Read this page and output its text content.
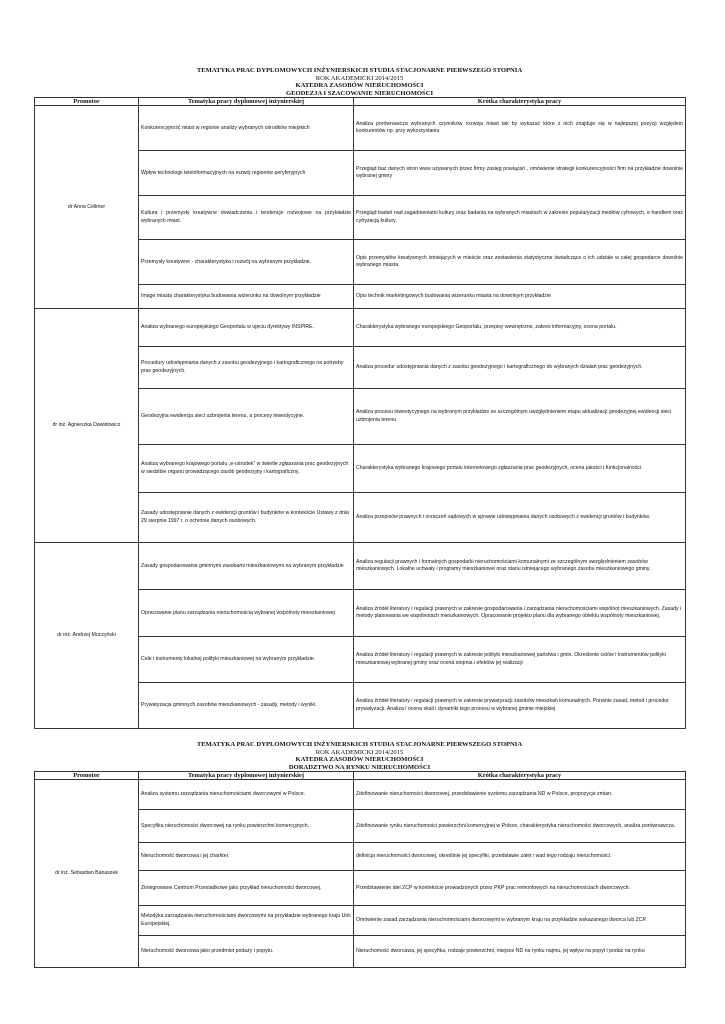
TEMATYKA PRAC DYPLOMOWYCH INŻYNIERSKICH STUDIA STACJONARNE PIERWSZEGO STOPNIA
ROK AKADEMICKI 2014/2015
KATEDRA ZASOBÓW NIERUCHOMOŚCI
GEODEZJA I SZACOWANIE NIERUCHOMOŚCI
Promotor	Tematyka pracy dyplomowej inżynierskiej	Krótka charakterystyka pracy
dr Anna Cellmer	Konkurencyjność miast w regionie analizy wybranych ośrodków miejskich	Analiza porównawcza wybranych czynników rozwoju miast tak by wykazać które z nich znajduje się w najlepszej pozycji względem konkurentów np. przy wykorzystaniu
	Wpływ technologii teleinformacyjnych na rozwój regionów peryferyjnych	Przegląd baz danych stron www używanych przez firmy zasięg powiązań , omówienie strategii konkurencyjności firm na przykładzie dowolnie wybranej gminy
	Kultura i przemysły kreatywne dowiadczenia i tendencje rozwojowe na przykładzie wybranych miast.	Przegląd badań nad zagadnieniami kultury oraz badania na wybranych miastach w zakresie popularyzacji mediów cyfrowych, e handlem oraz cyfryzacją kultury.
	Przemysły kreatywne - charakterystyka i rozwój na wybranym przykładzie.	Opis przemysłów kreatywnych istniejących w mieście oraz zestawienia statystyczne świadczące o ich udziale w całej gospodarce dowolnie wybranego miasta.
	Image miasta charakterystyka budowania wizerunku na dowolnym przykładzie	Opis technik marketingowych budowania wizerunku miasta na dowolnym przykładzie
dr inż. Agnieszka Dawidowicz	Analiza wybranego europejskiego Geoportalu w ujęciu dyrektywy INSPIRE.	Charakterystyka wybranego europejskiego Geoportalu, przepisy wewnętrzne, zakres informacyjny, ocena portalu.
	Procedury udostępniania danych z zasobu geodezyjnego i kartograficznego na potrzeby prac geodezyjnych.	Analiza procedur udostępniania danych z zasobu geodezyjnego i kartograficznego do wybranych działań prac geodezyjnych.
	Geodezyjna ewidencja sieci uzbrojenia terenu, a procesy inwestycyjne.	Analiza procesu inwestycyjnego na wybranym przykładzie ze szczególnym uwzględnieniem etapu aktualizacji geodezyjnej ewidencji sieci uzbrojenia terenu
	Analiza wybranego krajowego portalu „e-ośrodek” w świetle zgłaszania prac geodezyjnych w siedzibie organu prowadzącego zasób geodezyjny i kartograficzny.	Charakterystyka wybranego krajowego portalu internetowego zgłaszania prac geodezyjnych, ocena jakości i funkcjonalności.
	Zasady udostępnianie danych z ewidencji gruntów i budynków w kontekście Ustawy z dnia 29 sierpnia 1997 r. o ochronie danych osobowych.	Analiza przepisów prawnych i orzeczeń sądowych w sprawie udostępniania danych osobowych z ewidencji gruntów i budynków.
dr inż. Andrzej Muczyński	Zasady gospodarowania gminnymi zasobami mieszkaniowymi na wybranym przykładzie	Analiza regulacji prawnych i formalnych gospodarki nieruchomościami komunalnymi ze szczególnym uwzględnieniem zasobów mieszkaniowych. Lokalne uchwały i programy mieszkaniowe oraz stanu istniejącego wybranego zasobu mieszkaniowego gminy.
	Opracowanie planu zarządzania nieruchomością wybranej wspólnoty mieszkaniowej	Analiza źródeł literatury i regulacji prawnych w zakresie gospodarowania i zarządzania nieruchomościami wspólnot mieszkaniowych. Zasady i metody planowania we wspólnotach mieszkaniowych. Opracowanie projektu planu dla wybranego obiektu wspólnoty mieszkaniowej.
	Cele i instrumenty lokalnej polityki mieszkaniowej na wybranym przykładzie.	Analiza źródeł literatury i regulacji prawnych w zakresie polityki mieszkaniowej państwa i gmin. Określenie celów i instrumentów polityki mieszkaniowej wybranej gminy oraz ocena stopnia i efektów jej realizacji
	Prywatyzacja gminnych zasobów mieszkaniowych - zasady, metody i wyniki.	Analiza źródeł literatury i regulacji prawnych w zakresie prywatyzacji zasobów mieszkań komunalnych. Ponanie zasad, metod i procedur prywatyzacji. Analiza i ocena skali i dynamiki tego procesu w wybranej gminie miejskiej
TEMATYKA PRAC DYPLOMOWYCH INŻYNIERSKICH STUDIA STACJONARNE PIERWSZEGO STOPNIA
ROK AKADEMICKI 2014/2015
KATEDRA ZASOBÓW NIERUCHOMOŚCI
DORADZTWO NA RYNKU NIERUCHOMOŚCI
Promotor	Tematyka pracy dyplomowej inżynierskiej	Krótka charakterystyka pracy
dr inż. Sebastian Banaszek	Analiza systemu zarządzania nieruchomościami dworcowymi w Polsce.	Zdefiniowanie nieruchomości dworcowej, przedstawienie systemu zarządzania ND w Polsce, propozycje zmian.
	Specyfika nieruchomości dworcowej na rynku powierzchni komercyjnych.	Zdefiniowanie rynku nieruchomości powierzchni komercyjnej w Polsce, charakterystyka nieruchomości dworcowych, analiza porównawcza.
	Nieruchomość dworcowa i jej charkter.	definicja nieruchomości dworcowej, określinie jej specyfiki, przedstawie zalet i wad tego rodzaju nieruchomości.
	Zintegrowane Centrum Przesiadkowe jako przykład nieruchomości dworcowej.	Przedstawienie idei ZCP w kontekście prowadzonych przez PKP prac remontowych na nieruchomościach dworcowych.
	Metodyka zarządzania nieruchomościami dworcowymi na przykładzie wybranego kraju Unii Europejskiej.	Omówienie zasad zarządzania nieruchomościami dworcowymi w wybranym kraju na przykładzie wskazanego dworca lub ZCP.
	Nieruchomość dworcowa jako przedmiot podaży i popytu.	Nieruchomość dworcawa, jej specyfika, rodzaje powierzchni, miejsce ND na rynku najmu, jej wpływ na popyt i podaż na rynku
